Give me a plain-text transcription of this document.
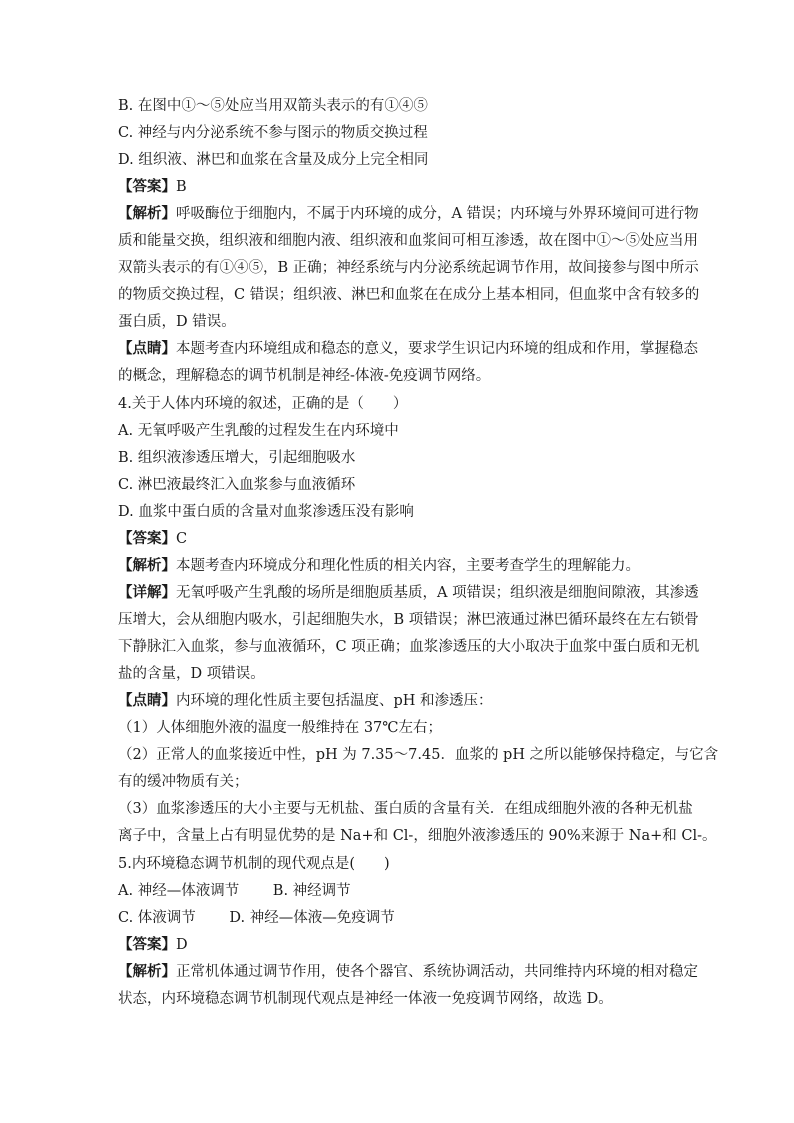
B. 在图中①～⑤处应当用双箭头表示的有①④⑤
C. 神经与内分泌系统不参与图示的物质交换过程
D. 组织液、淋巴和血浆在含量及成分上完全相同
【答案】B
【解析】呼吸酶位于细胞内，不属于内环境的成分，A 错误；内环境与外界环境间可进行物
质和能量交换，组织液和细胞内液、组织液和血浆间可相互渗透，故在图中①～⑤处应当用
双箭头表示的有①④⑤，B 正确；神经系统与内分泌系统起调节作用，故间接参与图中所示
的物质交换过程，C 错误；组织液、淋巴和血浆在在成分上基本相同，但血浆中含有较多的
蛋白质，D 错误。
【点睛】本题考查内环境组成和稳态的意义，要求学生识记内环境的组成和作用，掌握稳态
的概念，理解稳态的调节机制是神经-体液-免疫调节网络。
4.关于人体内环境的叙述，正确的是（　　）
A. 无氧呼吸产生乳酸的过程发生在内环境中
B. 组织液渗透压增大，引起细胞吸水
C. 淋巴液最终汇入血浆参与血液循环
D. 血浆中蛋白质的含量对血浆渗透压没有影响
【答案】C
【解析】本题考查内环境成分和理化性质的相关内容，主要考查学生的理解能力。
【详解】无氧呼吸产生乳酸的场所是细胞质基质，A 项错误；组织液是细胞间隙液，其渗透
压增大，会从细胞内吸水，引起细胞失水，B 项错误；淋巴液通过淋巴循环最终在左右锁骨
下静脉汇入血浆，参与血液循环，C 项正确；血浆渗透压的大小取决于血浆中蛋白质和无机
盐的含量，D 项错误。
【点睛】内环境的理化性质主要包括温度、pH 和渗透压：
（1）人体细胞外液的温度一般维持在 37℃左右；
（2）正常人的血浆接近中性，pH 为 7.35～7.45．血浆的 pH 之所以能够保持稳定，与它含
有的缓冲物质有关；
（3）血浆渗透压的大小主要与无机盐、蛋白质的含量有关．在组成细胞外液的各种无机盐
离子中，含量上占有明显优势的是 Na+和 Cl-，细胞外液渗透压的 90%来源于 Na+和 Cl-。
5.内环境稳态调节机制的现代观点是(　　)
A. 神经—体液调节　　 B. 神经调节
C. 体液调节　　 D. 神经—体液—免疫调节
【答案】D
【解析】正常机体通过调节作用，使各个器官、系统协调活动，共同维持内环境的相对稳定
状态，内环境稳态调节机制现代观点是神经一体液一免疫调节网络，故选 D。
